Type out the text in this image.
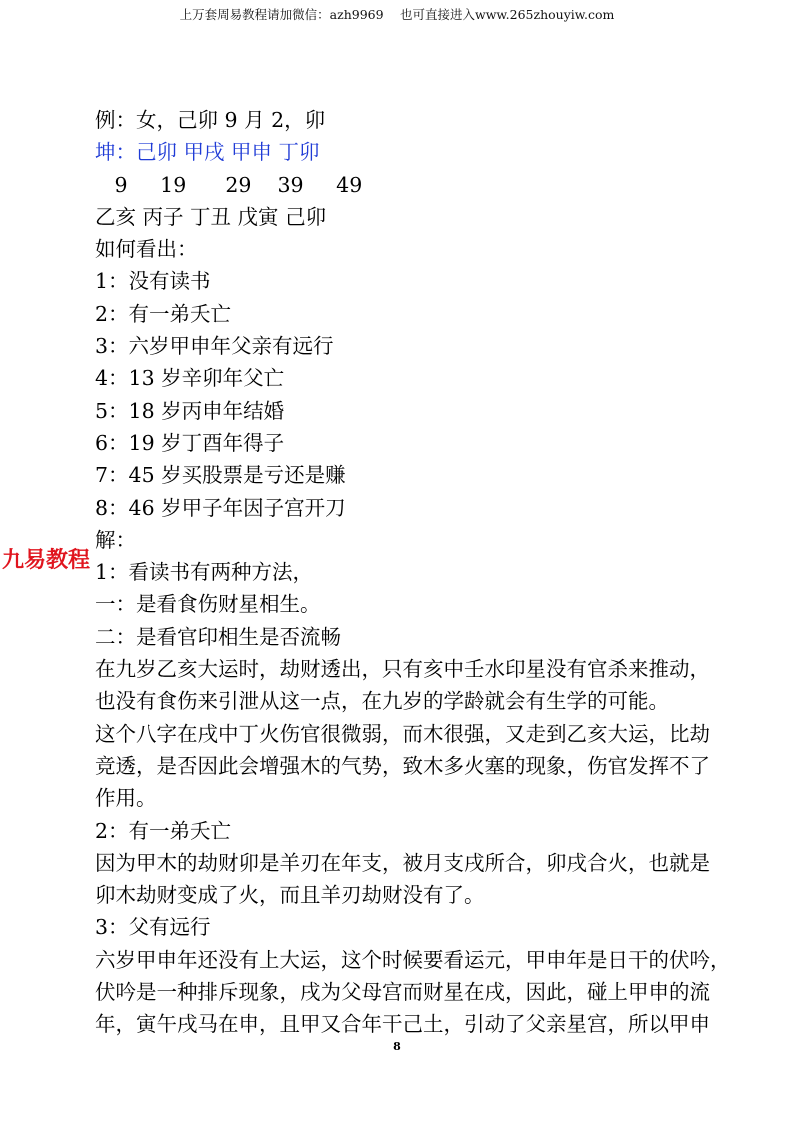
上万套周易教程请加微信：azh9969　 也可直接进入www.265zhouyiw.com
例：女，己卯 9 月 2，卯
坤：己卯 甲戌 甲申 丁卯
9     19      29    39     49
乙亥 丙子 丁丑 戊寅 己卯
如何看出：
1：没有读书
2：有一弟夭亡
3：六岁甲申年父亲有远行
4：13 岁辛卯年父亡
5：18 岁丙申年结婚
6：19 岁丁酉年得子
7：45 岁买股票是亏还是赚
8：46 岁甲子年因子宫开刀
解：
1：看读书有两种方法，
一：是看食伤财星相生。
二：是看官印相生是否流畅
在九岁乙亥大运时，劫财透出，只有亥中壬水印星没有官杀来推动，
也没有食伤来引泄从这一点，在九岁的学龄就会有生学的可能。
这个八字在戌中丁火伤官很微弱，而木很强，又走到乙亥大运，比劫
竞透，是否因此会增强木的气势，致木多火塞的现象，伤官发挥不了
作用。
2：有一弟夭亡
因为甲木的劫财卯是羊刃在年支，被月支戌所合，卯戌合火，也就是
卯木劫财变成了火，而且羊刃劫财没有了。
3：父有远行
六岁甲申年还没有上大运，这个时候要看运元，甲申年是日干的伏吟，
伏吟是一种排斥现象，戌为父母宫而财星在戌，因此，碰上甲申的流
年，寅午戌马在申，且甲又合年干己土，引动了父亲星宫，所以甲申
九易教程
8
